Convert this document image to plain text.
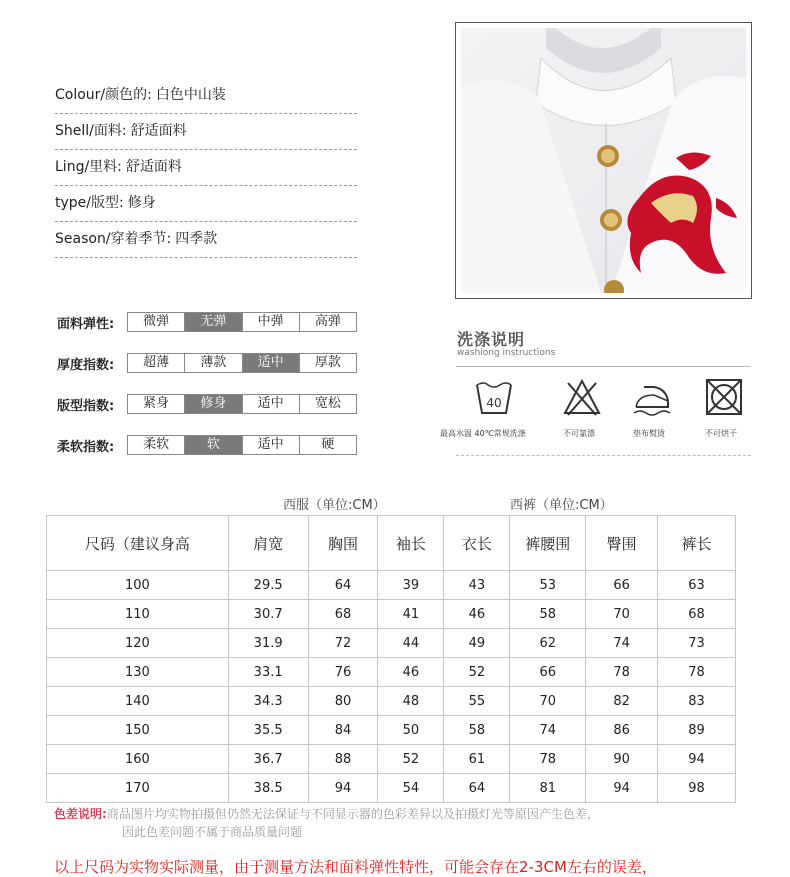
Colour/颜色的: 白色中山装
Shell/面料: 舒适面料
Ling/里料: 舒适面料
type/版型: 修身
Season/穿着季节: 四季款
面料弹性:	微弹	无弹	中弹	高弹
厚度指数:	超薄	薄款	适中	厚款
版型指数:	紧身	修身	适中	宽松
柔软指数:	柔软	软	适中	硬
洗涤说明
washiong instructions
40
最高水温 40℃常规洗涤	不可氯漂	垫布熨烫	不可烘干
西服（单位:CM）	西裤（单位:CM）
尺码（建议身高	肩宽	胸围	袖长	衣长	裤腰围	臀围	裤长
100	29.5	64	39	43	53	66	63
110	30.7	68	41	46	58	70	68
120	31.9	72	44	49	62	74	73
130	33.1	76	46	52	66	78	78
140	34.3	80	48	55	70	82	83
150	35.5	84	50	58	74	86	89
160	36.7	88	52	61	78	90	94
170	38.5	94	54	64	81	94	98
色差说明:商品图片均实物拍摄但仍然无法保证与不同显示器的色彩差异以及拍摄灯光等原因产生色差，
因此色差问题不属于商品质量问题
以上尺码为实物实际测量，由于测量方法和面料弹性特性，可能会存在2-3CM左右的误差，
